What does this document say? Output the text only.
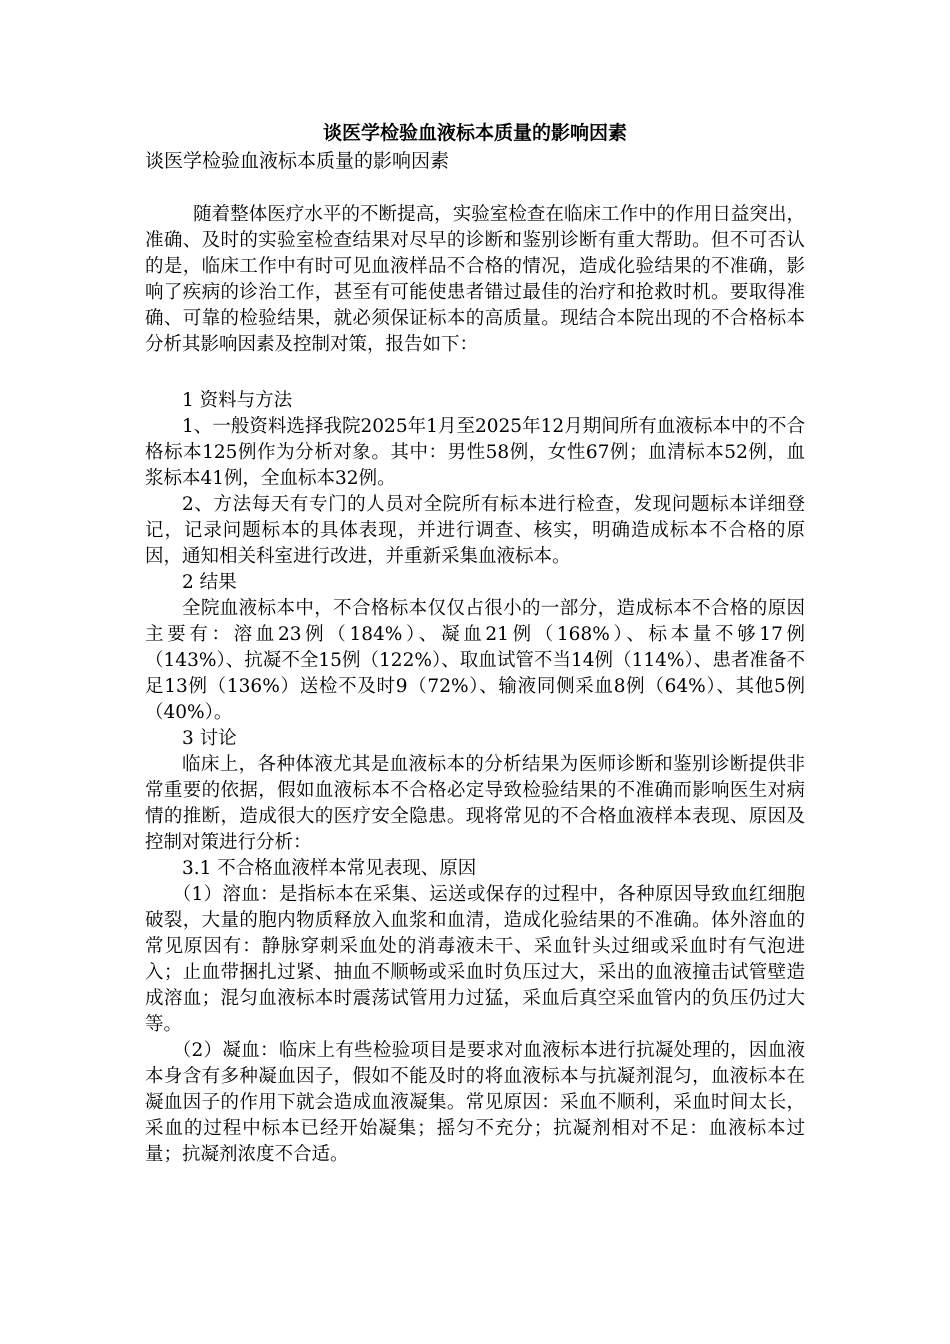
谈医学检验血液标本质量的影响因素
谈医学检验血液标本质量的影响因素

随着整体医疗水平的不断提高，实验室检查在临床工作中的作用日益突出，准确、及时的实验室检查结果对尽早的诊断和鉴别诊断有重大帮助。但不可否认的是，临床工作中有时可见血液样品不合格的情况，造成化验结果的不准确，影响了疾病的诊治工作，甚至有可能使患者错过最佳的治疗和抢救时机。要取得准确、可靠的检验结果，就必须保证标本的高质量。现结合本院出现的不合格标本分析其影响因素及控制对策，报告如下：

1 资料与方法

1、一般资料选择我院2025年1月至2025年12月期间所有血液标本中的不合格标本125例作为分析对象。其中：男性58例，女性67例；血清标本52例，血浆标本41例，全血标本32例。

2、方法每天有专门的人员对全院所有标本进行检查，发现问题标本详细登记，记录问题标本的具体表现，并进行调查、核实，明确造成标本不合格的原因，通知相关科室进行改进，并重新采集血液标本。

2 结果

全院血液标本中，不合格标本仅仅占很小的一部分，造成标本不合格的原因主要有：溶血23例（184%）、凝血21例（168%）、标本量不够17例（143%）、抗凝不全15例（122%）、取血试管不当14例（114%）、患者准备不足13例（136%）送检不及时9（72%）、输液同侧采血8例（64%）、其他5例（40%）。

3 讨论

临床上，各种体液尤其是血液标本的分析结果为医师诊断和鉴别诊断提供非常重要的依据，假如血液标本不合格必定导致检验结果的不准确而影响医生对病情的推断，造成很大的医疗安全隐患。现将常见的不合格血液样本表现、原因及控制对策进行分析：

3.1 不合格血液样本常见表现、原因

（1）溶血：是指标本在采集、运送或保存的过程中，各种原因导致血红细胞破裂，大量的胞内物质释放入血浆和血清，造成化验结果的不准确。体外溶血的常见原因有：静脉穿刺采血处的消毒液未干、采血针头过细或采血时有气泡进入；止血带捆扎过紧、抽血不顺畅或采血时负压过大，采出的血液撞击试管壁造成溶血；混匀血液标本时震荡试管用力过猛，采血后真空采血管内的负压仍过大等。

（2）凝血：临床上有些检验项目是要求对血液标本进行抗凝处理的，因血液本身含有多种凝血因子，假如不能及时的将血液标本与抗凝剂混匀，血液标本在凝血因子的作用下就会造成血液凝集。常见原因：采血不顺利，采血时间太长，采血的过程中标本已经开始凝集；摇匀不充分；抗凝剂相对不足：血液标本过量；抗凝剂浓度不合适。
